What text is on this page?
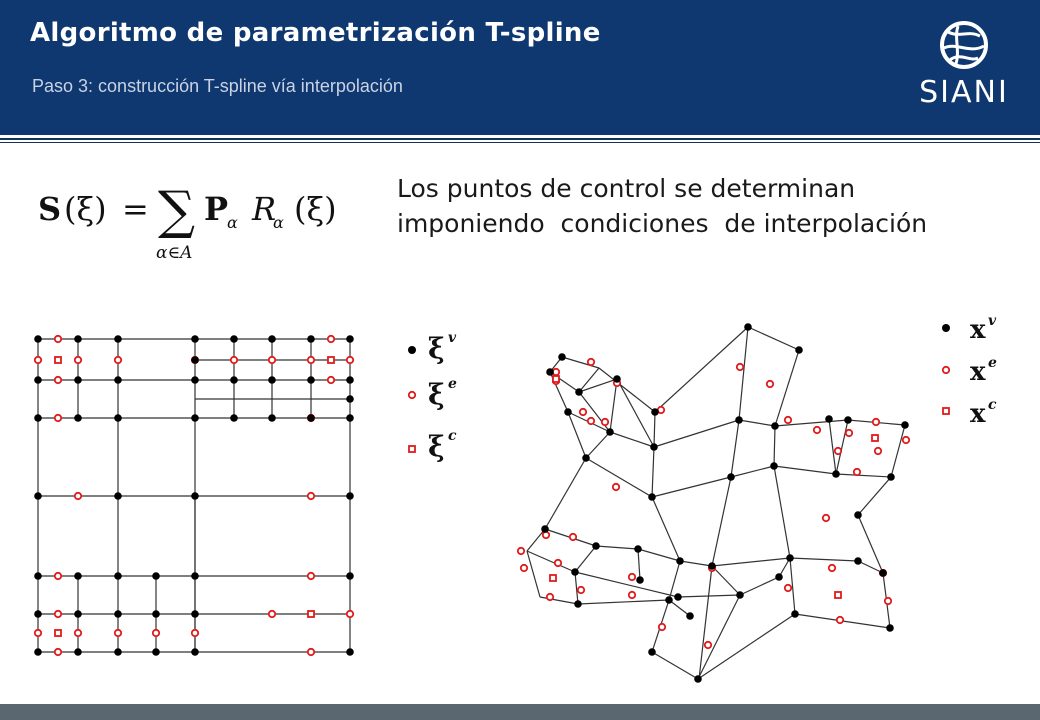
Algoritmo de parametrización T-spline
Paso 3: construcción T-spline vía interpolación	SIANI
S (ξ) = ∑
α∈A
P
α R
α (ξ)
Los puntos de control se determinan
imponiendo  condiciones  de interpolación
ξ v
ξ e
ξ c
x v
x e
x c
